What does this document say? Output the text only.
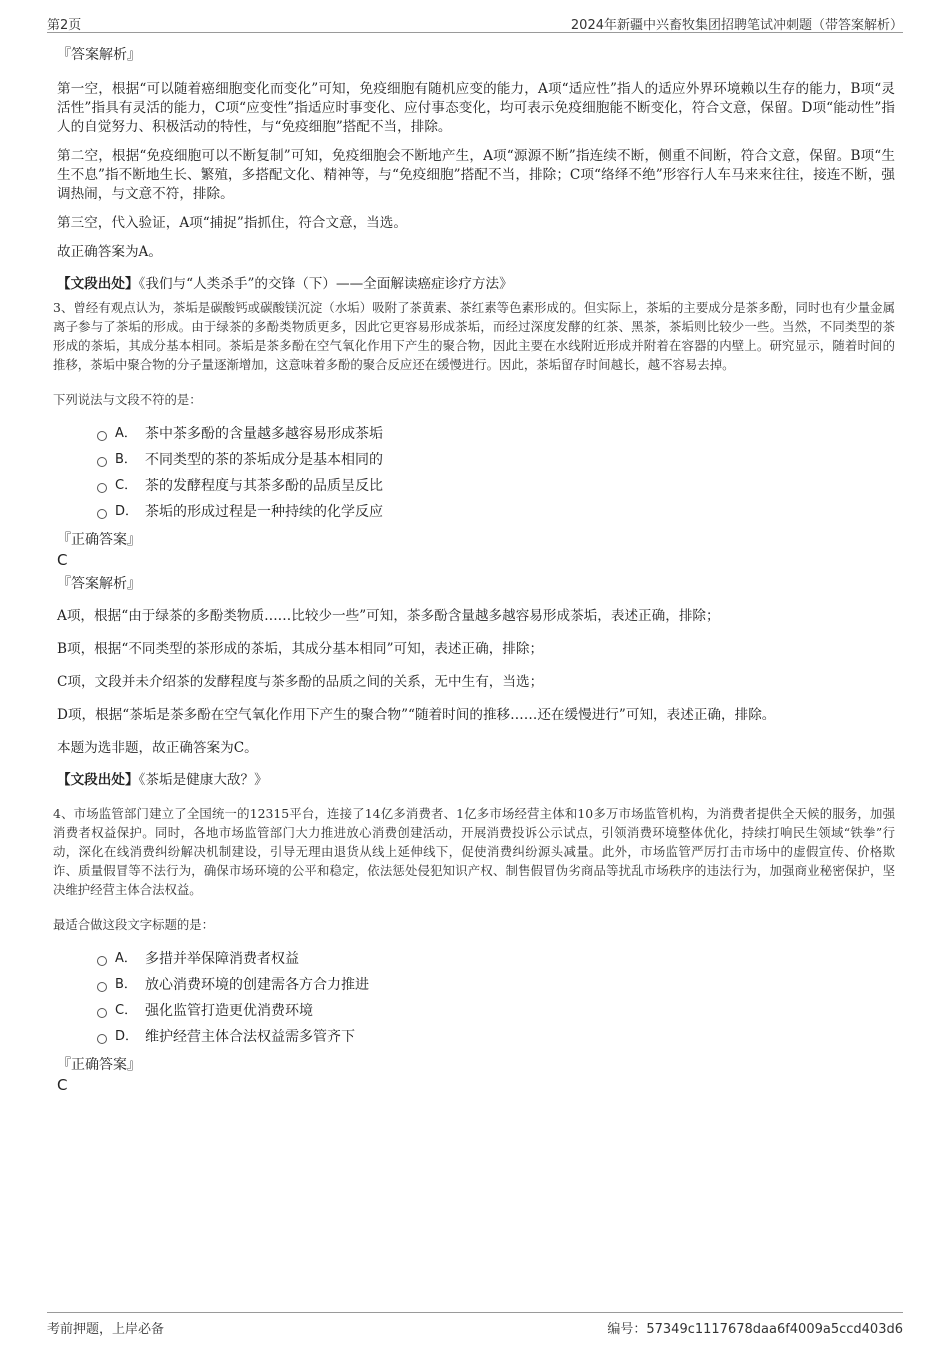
第2页	2024年新疆中兴畜牧集团招聘笔试冲刺题（带答案解析）

『答案解析』

第一空，根据“可以随着癌细胞变化而变化”可知，免疫细胞有随机应变的能力，A项“适应性”指人的适应外界环境赖以生存的能力，B项“灵活性”指具有灵活的能力，C项“应变性”指适应时事变化、应付事态变化，均可表示免疫细胞能不断变化，符合文意，保留。D项“能动性”指人的自觉努力、积极活动的特性，与“免疫细胞”搭配不当，排除。

第二空，根据“免疫细胞可以不断复制”可知，免疫细胞会不断地产生，A项“源源不断”指连续不断，侧重不间断，符合文意，保留。B项“生生不息”指不断地生长、繁殖，多搭配文化、精神等，与“免疫细胞”搭配不当，排除；C项“络绎不绝”形容行人车马来来往往，接连不断，强调热闹，与文意不符，排除。

第三空，代入验证，A项“捕捉”指抓住，符合文意，当选。

故正确答案为A。

【文段出处】《我们与“人类杀手”的交锋（下）——全面解读癌症诊疗方法》

3、曾经有观点认为，茶垢是碳酸钙或碳酸镁沉淀（水垢）吸附了茶黄素、茶红素等色素形成的。但实际上，茶垢的主要成分是茶多酚，同时也有少量金属离子参与了茶垢的形成。由于绿茶的多酚类物质更多，因此它更容易形成茶垢，而经过深度发酵的红茶、黑茶，茶垢则比较少一些。当然，不同类型的茶形成的茶垢，其成分基本相同。茶垢是茶多酚在空气氧化作用下产生的聚合物，因此主要在水线附近形成并附着在容器的内壁上。研究显示，随着时间的推移，茶垢中聚合物的分子量逐渐增加，这意味着多酚的聚合反应还在缓慢进行。因此，茶垢留存时间越长，越不容易去掉。

下列说法与文段不符的是：

A． 茶中茶多酚的含量越多越容易形成茶垢
B． 不同类型的茶的茶垢成分是基本相同的
C． 茶的发酵程度与其茶多酚的品质呈反比
D． 茶垢的形成过程是一种持续的化学反应

『正确答案』

C

『答案解析』

A项，根据“由于绿茶的多酚类物质……比较少一些”可知，茶多酚含量越多越容易形成茶垢，表述正确，排除；

B项，根据“不同类型的茶形成的茶垢，其成分基本相同”可知，表述正确，排除；

C项，文段并未介绍茶的发酵程度与茶多酚的品质之间的关系，无中生有，当选；

D项，根据“茶垢是茶多酚在空气氧化作用下产生的聚合物”“随着时间的推移……还在缓慢进行”可知，表述正确，排除。

本题为选非题，故正确答案为C。

【文段出处】《茶垢是健康大敌？》

4、市场监管部门建立了全国统一的12315平台，连接了14亿多消费者、1亿多市场经营主体和10多万市场监管机构，为消费者提供全天候的服务，加强消费者权益保护。同时，各地市场监管部门大力推进放心消费创建活动，开展消费投诉公示试点，引领消费环境整体优化，持续打响民生领域“铁拳”行动，深化在线消费纠纷解决机制建设，引导无理由退货从线上延伸线下，促使消费纠纷源头减量。此外，市场监管严厉打击市场中的虚假宣传、价格欺诈、质量假冒等不法行为，确保市场环境的公平和稳定，依法惩处侵犯知识产权、制售假冒伪劣商品等扰乱市场秩序的违法行为，加强商业秘密保护，坚决维护经营主体合法权益。

最适合做这段文字标题的是：

A． 多措并举保障消费者权益
B． 放心消费环境的创建需各方合力推进
C． 强化监管打造更优消费环境
D． 维护经营主体合法权益需多管齐下

『正确答案』

C

考前押题，上岸必备	编号：57349c1117678daa6f4009a5ccd403d6
